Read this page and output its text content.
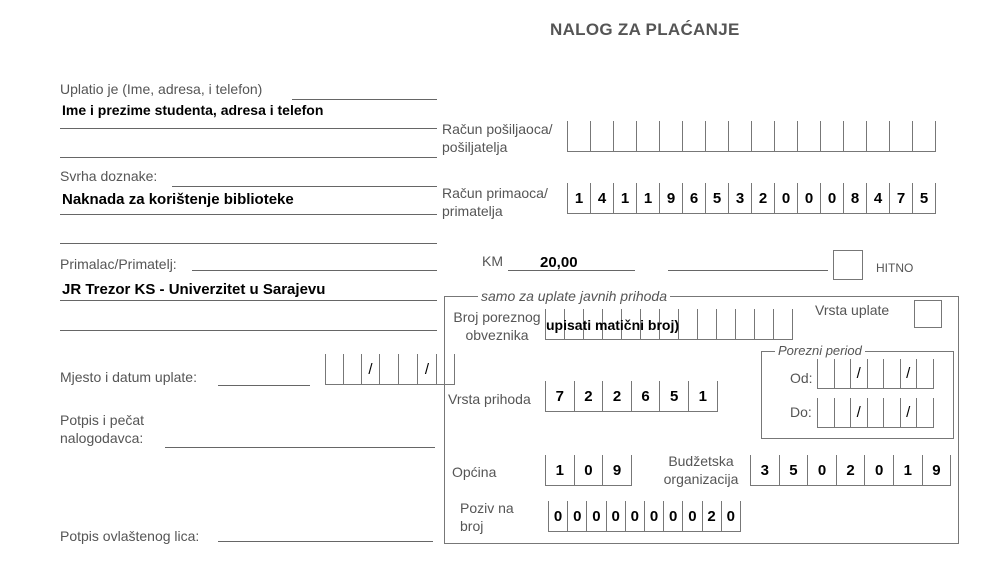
NALOG ZA PLAĆANJE
Uplatio je (Ime, adresa, i telefon)
Ime i prezime studenta, adresa i telefon
Svrha doznake:
Naknada za korištenje biblioteke
Primalac/Primatelj:
JR Trezor KS - Univerzitet u Sarajevu
Mjesto i datum uplate:	/	/
Potpis i pečat nalogodavca:
Potpis ovlaštenog lica:
Račun pošiljaoca/ pošiljatelja
Račun primaoca/ primatelja
1 4 1 1 9 6 5 3 2 0 0 0 8 4 7 5
KM 20,00	HITNO
samo za uplate javnih prihoda
Broj poreznog obveznika
upisati matični broj)
Vrsta uplate
Porezni period
Od:	/	/
Do:	/	/
Vrsta prihoda	7	2	2	6	5	1
Općina	1	0	9
Budžetska organizacija
3	5	0	2	0	1	9
Poziv na broj
0 0 0 0 0 0 0 0 2 0
